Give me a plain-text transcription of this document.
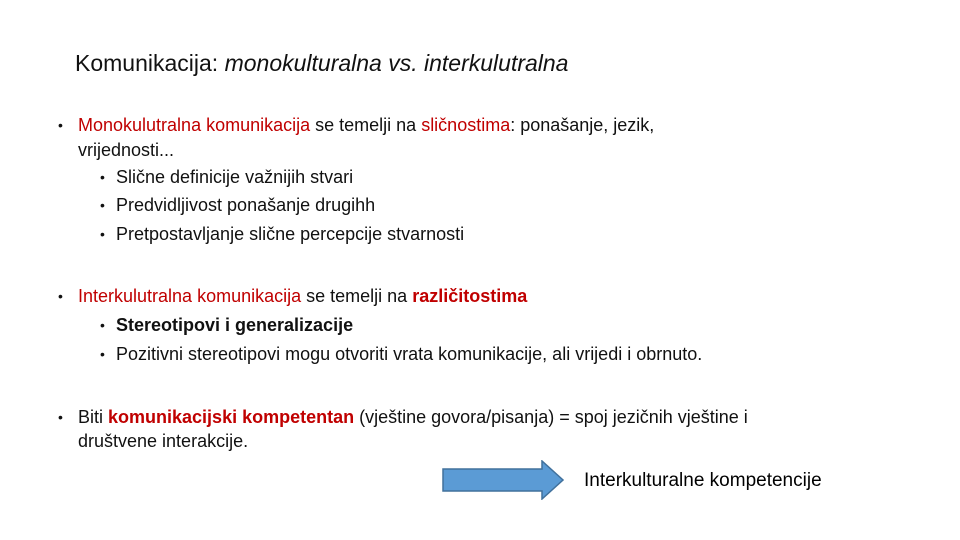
Komunikacija: monokulturalna vs. interkulutralna
• Monokulutralna komunikacija se temelji na sličnostima: ponašanje, jezik,
vrijednosti...
• Slične definicije važnijih stvari
• Predvidljivost ponašanje drugihh
• Pretpostavljanje slične percepcije stvarnosti
• Interkulutralna komunikacija se temelji na različitostima
• Stereotipovi i generalizacije
• Pozitivni stereotipovi mogu otvoriti vrata komunikacije, ali vrijedi i obrnuto.
• Biti komunikacijski kompetentan (vještine govora/pisanja) = spoj jezičnih vještine i
društvene interakcije.
Interkulturalne kompetencije
